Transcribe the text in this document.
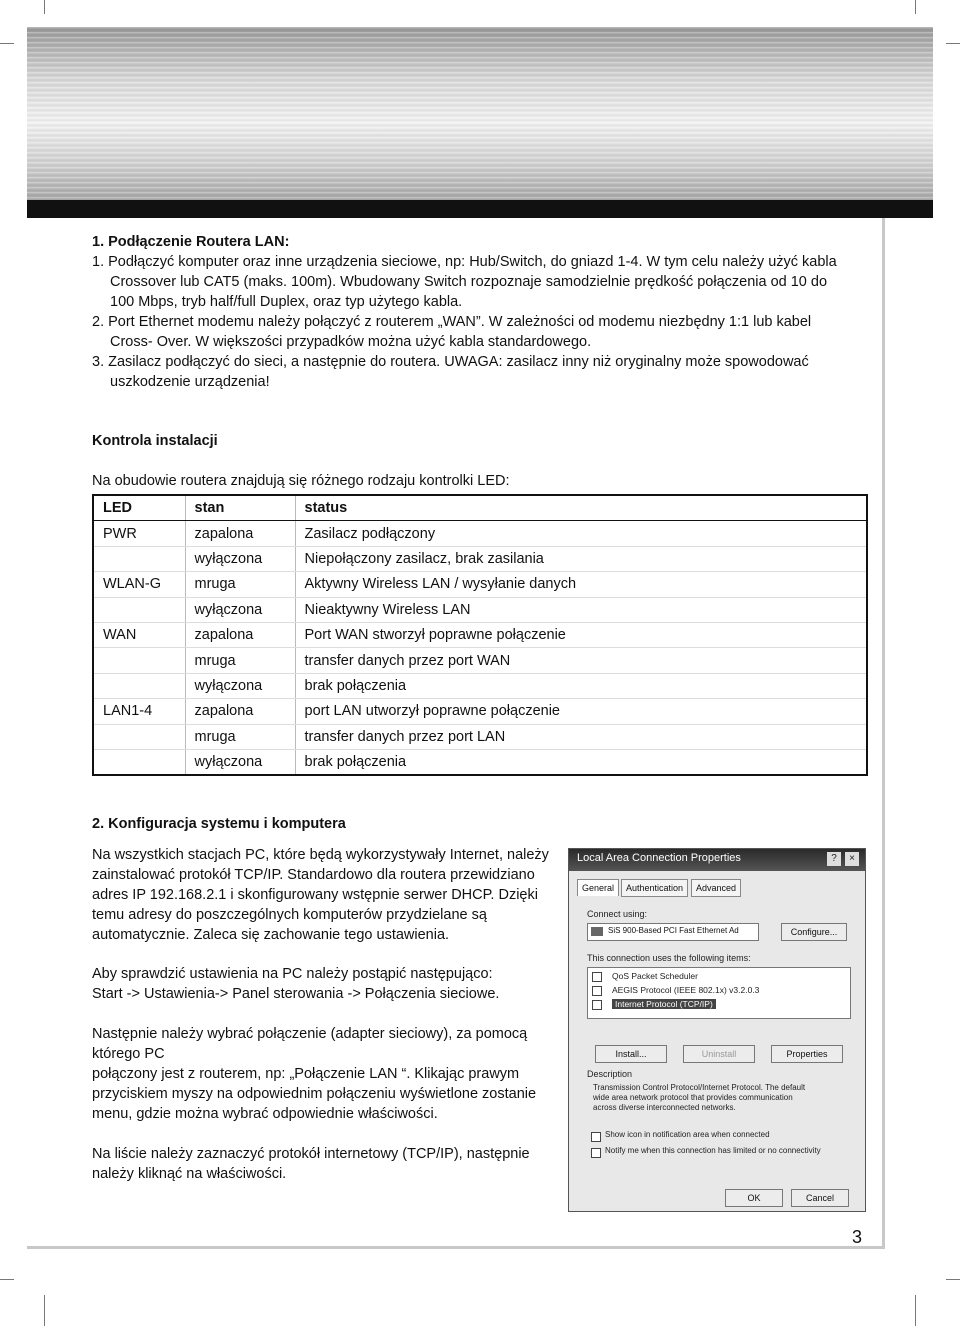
1. Podłączenie Routera LAN:
1. Podłączyć komputer oraz inne urządzenia sieciowe, np: Hub/Switch, do gniazd 1-4. W tym celu należy użyć kabla
Crossover lub CAT5 (maks. 100m). Wbudowany Switch rozpoznaje samodzielnie prędkość połączenia od 10 do
100 Mbps, tryb half/full Duplex, oraz typ użytego kabla.
2. Port Ethernet modemu należy połączyć z routerem „WAN”. W zależności od modemu niezbędny 1:1 lub kabel
Cross- Over. W większości przypadków można użyć kabla standardowego.
3. Zasilacz podłączyć do sieci, a następnie do routera. UWAGA: zasilacz inny niż oryginalny może spowodować
uszkodzenie urządzenia!
Kontrola instalacji
Na obudowie routera znajdują się różnego rodzaju kontrolki LED:
LED	stan	status
PWR	zapalona	Zasilacz podłączony
	wyłączona	Niepołączony zasilacz, brak zasilania
WLAN-G	mruga	Aktywny Wireless LAN / wysyłanie danych
	wyłączona	Nieaktywny Wireless LAN
WAN	zapalona	Port WAN stworzył poprawne połączenie
	mruga	transfer danych przez port WAN
	wyłączona	brak połączenia
LAN1-4	zapalona	port LAN utworzył poprawne połączenie
	mruga	transfer danych przez port LAN
	wyłączona	brak połączenia
2. Konfiguracja systemu i komputera
Na wszystkich stacjach PC, które będą wykorzystywały Internet, należy
zainstalować protokół TCP/IP. Standardowo dla routera przewidziano
adres IP 192.168.2.1 i skonfigurowany wstępnie serwer DHCP. Dzięki
temu adresy do poszczególnych komputerów przydzielane są
automatycznie. Zaleca się zachowanie tego ustawienia.
Aby sprawdzić ustawienia na PC należy postąpić następująco:
Start -> Ustawienia-> Panel sterowania -> Połączenia sieciowe.
Następnie należy wybrać połączenie (adapter sieciowy), za pomocą
którego PC
połączony jest z routerem, np: „Połączenie LAN “. Klikając prawym
przyciskiem myszy na odpowiednim połączeniu wyświetlone zostanie
menu, gdzie można wybrać odpowiednie właściwości.
Na liście należy zaznaczyć protokół internetowy (TCP/IP), następnie
należy kliknąć na właściwości.
Local Area Connection Properties	?	×
General	Authentication	Advanced
Connect using:
SiS 900-Based PCI Fast Ethernet Ad	Configure...
This connection uses the following items:
QoS Packet Scheduler
AEGIS Protocol (IEEE 802.1x) v3.2.0.3
Internet Protocol (TCP/IP)
Install...	Uninstall	Properties
Description
Transmission Control Protocol/Internet Protocol. The default
wide area network protocol that provides communication
across diverse interconnected networks.
Show icon in notification area when connected
Notify me when this connection has limited or no connectivity
OK	Cancel
3
